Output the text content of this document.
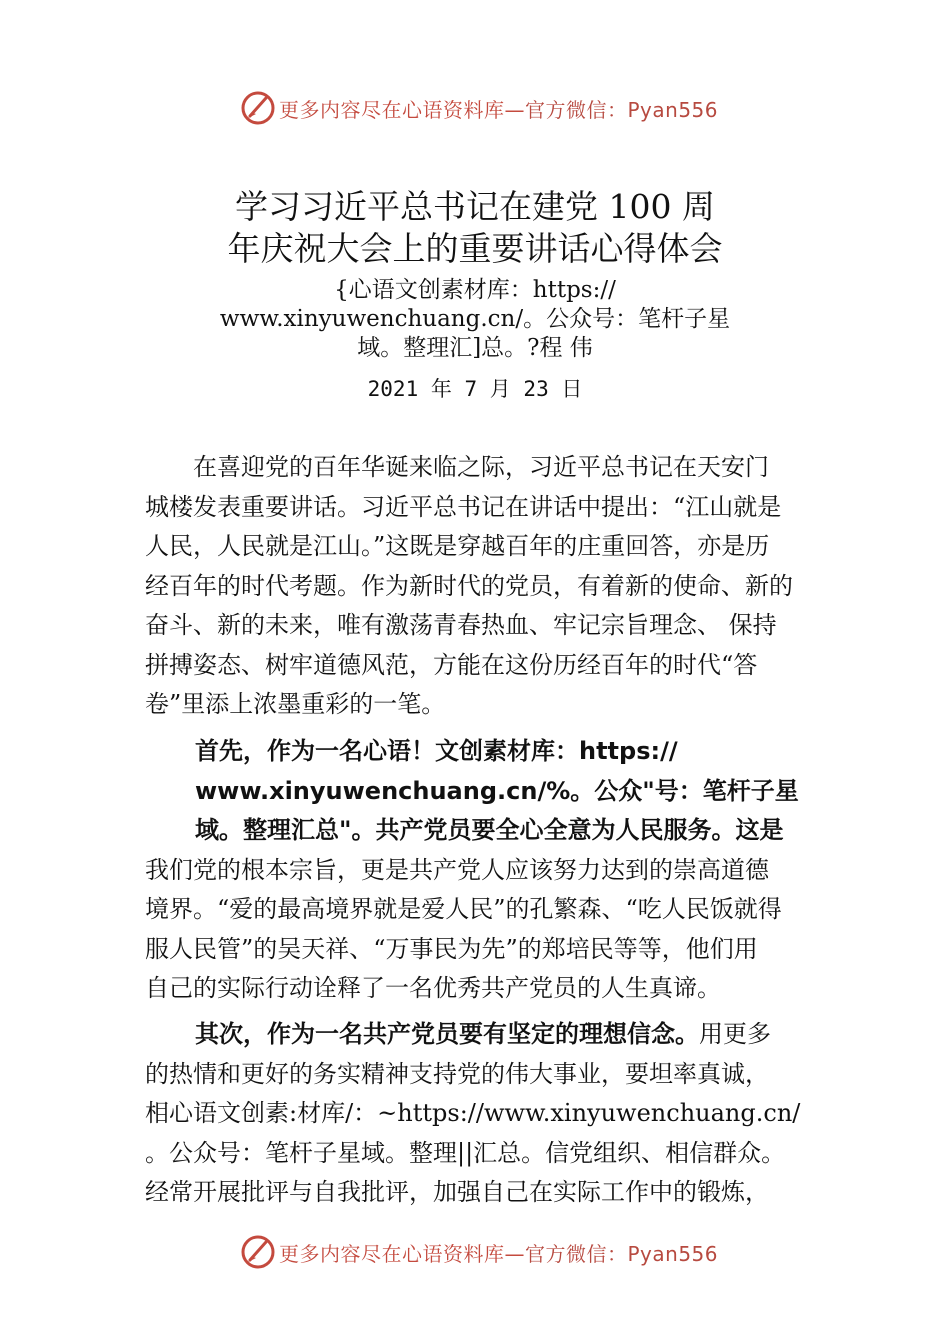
更多内容尽在心语资料库—官方微信：Pyan556
学习习近平总书记在建党 100 周
年庆祝大会上的重要讲话心得体会
{心语文创素材库：https://
www.xinyuwenchuang.cn/。公众号：笔杆子星
域。整理汇]总。?程 伟
2021 年 7 月 23 日
　　在喜迎党的百年华诞来临之际，习近平总书记在天安门
城楼发表重要讲话。习近平总书记在讲话中提出：“江山就是
人民，人民就是江山。”这既是穿越百年的庄重回答，亦是历
经百年的时代考题。作为新时代的党员，有着新的使命、新的
奋斗、新的未来，唯有激荡青春热血、牢记宗旨理念、 保持
拼搏姿态、树牢道德风范，方能在这份历经百年的时代“答
卷”里添上浓墨重彩的一笔。
首先，作为一名心语！文创素材库：https://
www.xinyuwenchuang.cn/%。公众"号：笔杆子星
域。整理汇总"。共产党员要全心全意为人民服务。这是
我们党的根本宗旨，更是共产党人应该努力达到的崇高道德
境界。“爱的最高境界就是爱人民”的孔繁森、“吃人民饭就得
服人民管”的吴天祥、“万事民为先”的郑培民等等，他们用
自己的实际行动诠释了一名优秀共产党员的人生真谛。
其次，作为一名共产党员要有坚定的理想信念。用更多
的热情和更好的务实精神支持党的伟大事业，要坦率真诚，
相心语文创素:材库/：~https://www.xinyuwenchuang.cn/
。公众号：笔杆子星域。整理||汇总。信党组织、相信群众。
经常开展批评与自我批评，加强自己在实际工作中的锻炼，
更多内容尽在心语资料库—官方微信：Pyan556
